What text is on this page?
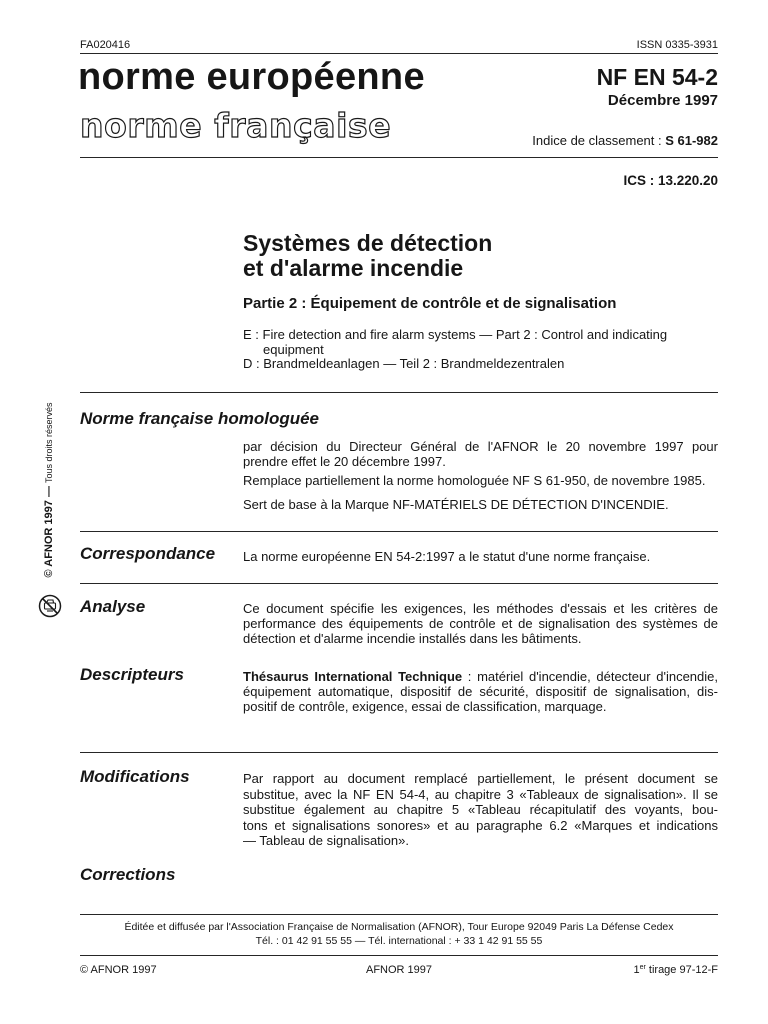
FA020416	ISSN 0335-3931
norme européenne
norme française
NF EN 54-2
Décembre 1997
Indice de classement : S 61-982
ICS : 13.220.20
Systèmes de détection
et d'alarme incendie
Partie 2 : Équipement de contrôle et de signalisation
E : Fire detection and fire alarm systems — Part 2 : Control and indicating
equipment
D : Brandmeldeanlagen — Teil 2 : Brandmeldezentralen
© AFNOR 1997 —
Tous droits réservés Norme française homologuée
par décision du Directeur Général de l'AFNOR le 20 novembre 1997 pour
prendre effet le 20 décembre 1997.
Remplace partiellement la norme homologuée NF S 61-950, de novembre 1985.
Sert de base à la Marque NF-MATÉRIELS DE DÉTECTION D'INCENDIE.
Correspondance La norme européenne EN 54-2:1997 a le statut d'une norme française.
Analyse	Ce document spécifie les exigences, les méthodes d'essais et les critères de
performance des équipements de contrôle et de signalisation des systèmes de
détection et d'alarme incendie installés dans les bâtiments.
Descripteurs	Thésaurus International Technique : matériel d'incendie, détecteur d'incendie,
équipement automatique, dispositif de sécurité, dispositif de signalisation, dis-
positif de contrôle, exigence, essai de classification, marquage.
Modifications	Par rapport au document remplacé partiellement, le présent document se
substitue, avec la NF EN 54-4, au chapitre 3 «Tableaux de signalisation». Il se
substitue également au chapitre 5 «Tableau récapitulatif des voyants, bou-
tons et signalisations sonores» et au paragraphe 6.2 «Marques et indications
— Tableau de signalisation».
Corrections
Éditée et diffusée par l'Association Française de Normalisation (AFNOR), Tour Europe 92049 Paris La Défense Cedex
Tél. : 01 42 91 55 55 — Tél. international : + 33 1 42 91 55 55
© AFNOR 1997	AFNOR 1997	1er tirage 97-12-F
